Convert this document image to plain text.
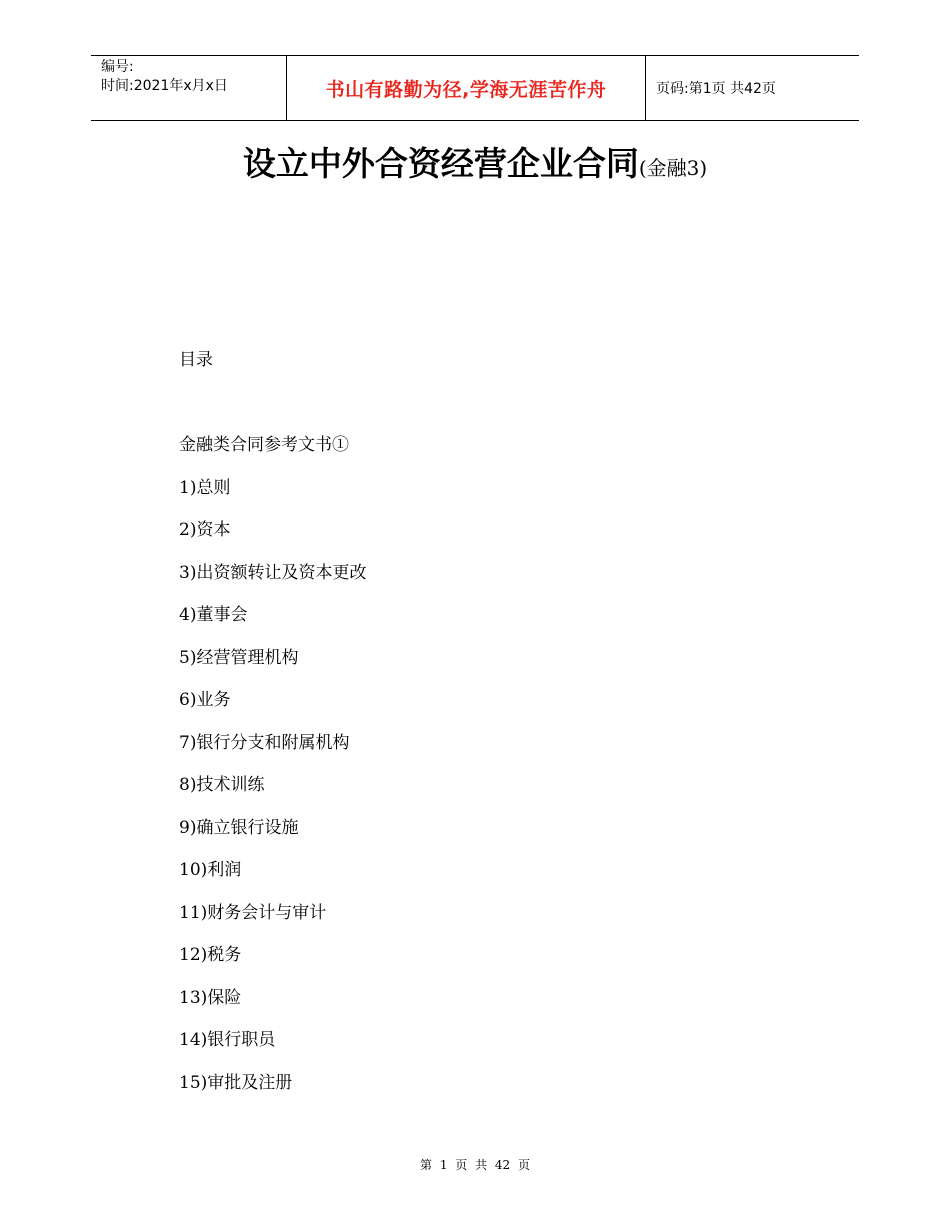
编号:
时间:2021年x月x日	书山有路勤为径,学海无涯苦作舟	页码:第1页 共42页
设立中外合资经营企业合同(金融3)
目录
金融类合同参考文书①
1)总则
2)资本
3)出资额转让及资本更改
4)董事会
5)经营管理机构
6)业务
7)银行分支和附属机构
8)技术训练
9)确立银行设施
10)利润
11)财务会计与审计
12)税务
13)保险
14)银行职员
15)审批及注册
第 1 页 共 42 页
